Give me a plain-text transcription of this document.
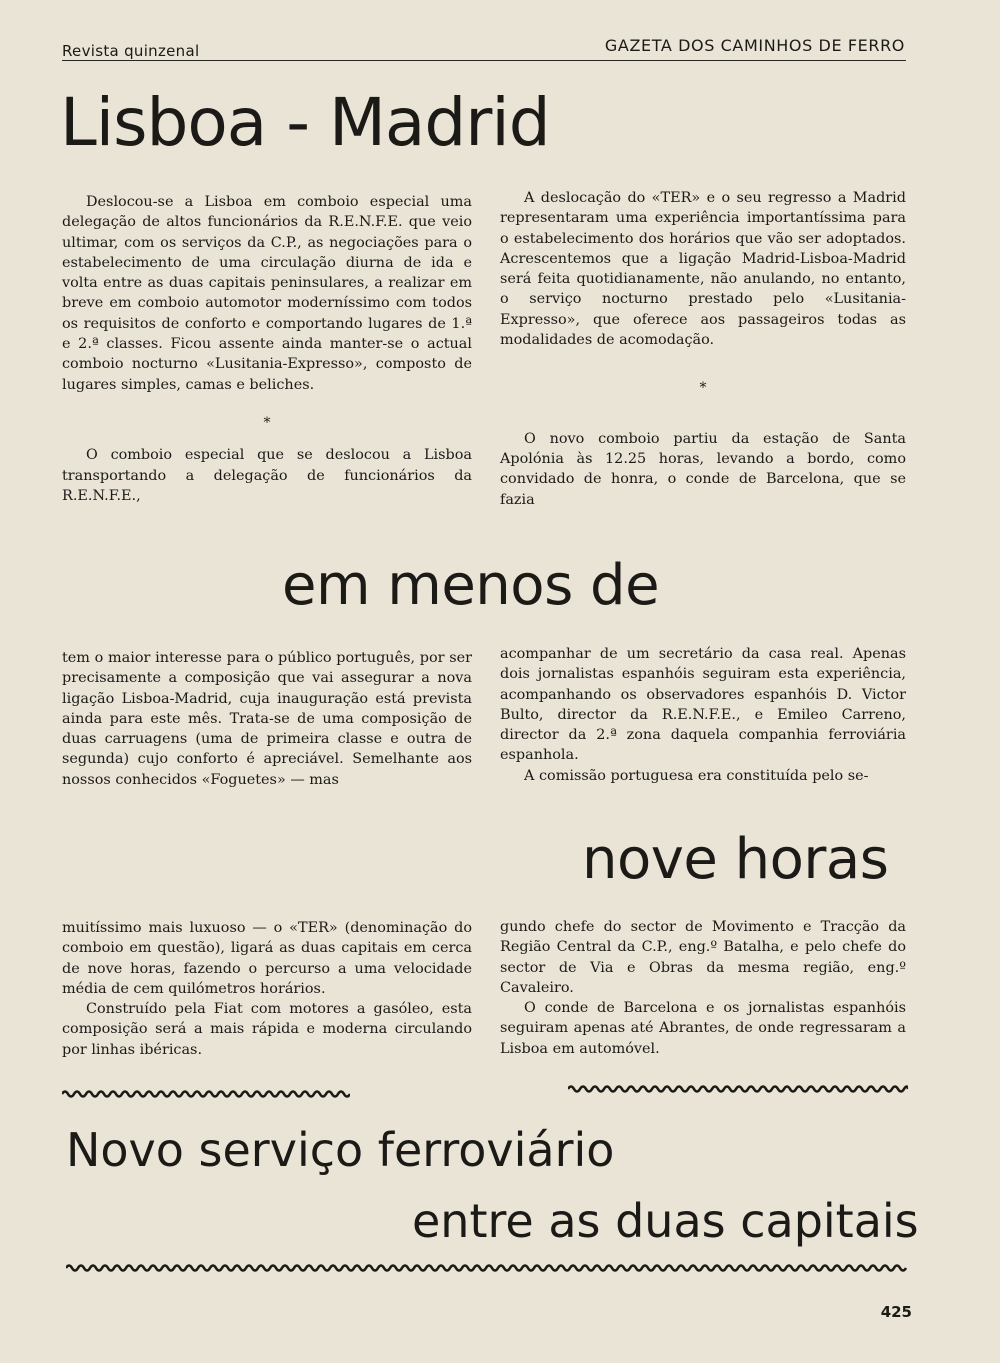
Revista quinzenal	GAZETA DOS CAMINHOS DE FERRO
Lisboa - Madrid

Deslocou-se a Lisboa em comboio especial uma delegação de altos funcionários da R.E.N.F.E. que veio ultimar, com os serviços da C.P., as negociações para o estabelecimento de uma circulação diurna de ida e volta entre as duas capitais peninsulares, a realizar em breve em comboio automotor moderníssimo com todos os requisitos de conforto e comportando lugares de 1.ª e 2.ª classes. Ficou assente ainda manter-se o actual comboio nocturno «Lusitania-Expresso», composto de lugares simples, camas e beliches.

*

O comboio especial que se deslocou a Lisboa transportando a delegação de funcionários da R.E.N.F.E.,

A deslocação do «TER» e o seu regresso a Madrid representaram uma experiência importantíssima para o estabelecimento dos horários que vão ser adoptados. Acrescentemos que a ligação Madrid-Lisboa-Madrid será feita quotidianamente, não anulando, no entanto, o serviço nocturno prestado pelo «Lusitania-Expresso», que oferece aos passageiros todas as modalidades de acomodação.

*

O novo comboio partiu da estação de Santa Apolónia às 12.25 horas, levando a bordo, como convidado de honra, o conde de Barcelona, que se fazia

em menos de

tem o maior interesse para o público português, por ser precisamente a composição que vai assegurar a nova ligação Lisboa-Madrid, cuja inauguração está prevista ainda para este mês. Trata-se de uma composição de duas carruagens (uma de primeira classe e outra de segunda) cujo conforto é apreciável. Semelhante aos nossos conhecidos «Foguetes» — mas

acompanhar de um secretário da casa real. Apenas dois jornalistas espanhóis seguiram esta experiência, acompanhando os observadores espanhóis D. Victor Bulto, director da R.E.N.F.E., e Emileo Carreno, director da 2.ª zona daquela companhia ferroviária espanhola.

A comissão portuguesa era constituída pelo se-

nove horas

muitíssimo mais luxuoso — o «TER» (denominação do comboio em questão), ligará as duas capitais em cerca de nove horas, fazendo o percurso a uma velocidade média de cem quilómetros horários.

Construído pela Fiat com motores a gasóleo, esta composição será a mais rápida e moderna circulando por linhas ibéricas.

gundo chefe do sector de Movimento e Tracção da Região Central da C.P., eng.º Batalha, e pelo chefe do sector de Via e Obras da mesma região, eng.º Cavaleiro.

O conde de Barcelona e os jornalistas espanhóis seguiram apenas até Abrantes, de onde regressaram a Lisboa em automóvel.

Novo serviço ferroviário
entre as duas capitais
425
